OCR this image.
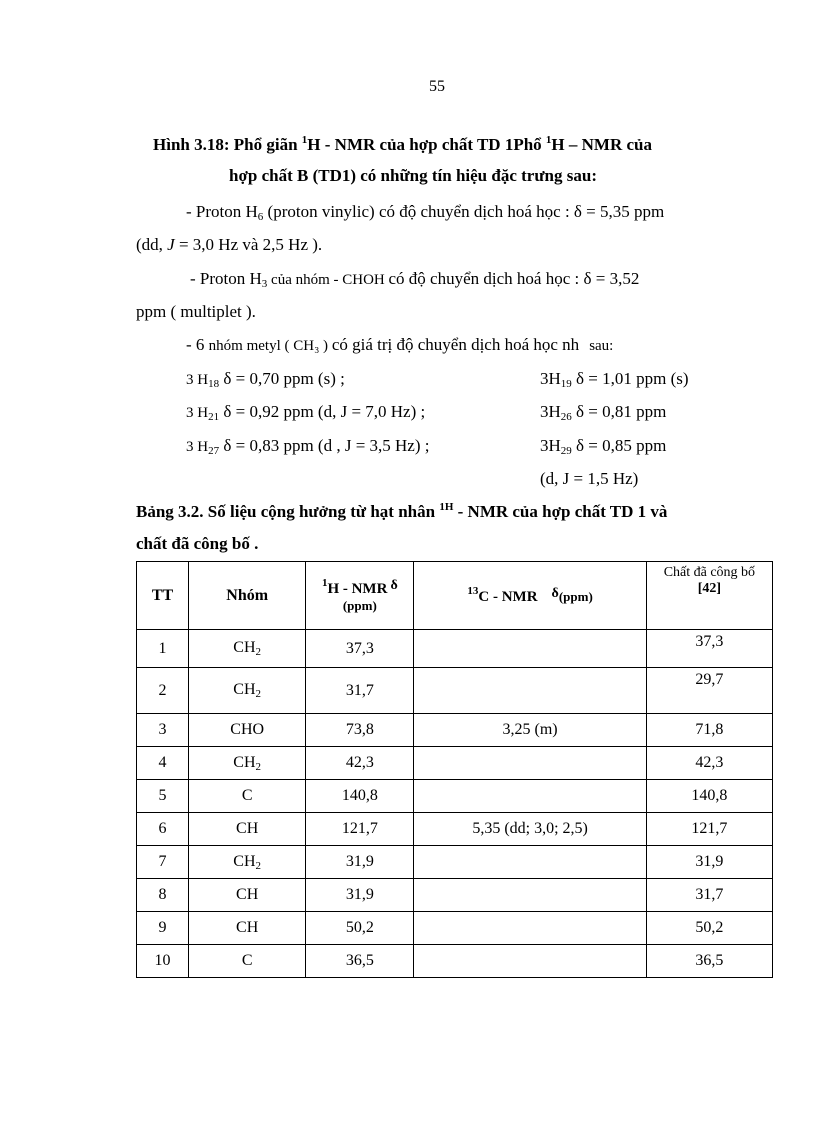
55
Hình 3.18: Phổ giãn $^1$H - NMR của hợp chất TD 1Phổ $^1$H – NMR của
hợp chất B (TD1) có những tín hiệu đặc trưng sau:
- Proton $H_6$ (proton vinylic) có độ chuyển dịch hoá học : δ = 5,35 ppm
(dd, J = 3,0 Hz và 2,5 Hz ).
- Proton $H_3$ của nhóm - CHOH có độ chuyển dịch hoá học : δ = 3,52
ppm ( multiplet ).
- 6 nhóm metyl ( CH₃ ) có giá trị độ chuyển dịch hoá học nh sau:
3 $H_{18}$ δ = 0,70 ppm (s) ;	$3H_{19}$ δ = 1,01 ppm (s)
3 $H_{21}$ δ = 0,92 ppm (d, J = 7,0 Hz) ;	$3H_{26}$ δ = 0,81 ppm
3 $H_{27}$ δ = 0,83 ppm (d , J = 3,5 Hz) ;	$3H_{29}$ δ = 0,85 ppm
(d, J = 1,5 Hz)
Bảng 3.2. Số liệu cộng hưởng từ hạt nhân $^{1H}$ - NMR của hợp chất TD 1 và
chất đã công bố .
TT	Nhóm	$^1$H - NMR δ
(ppm)	$^{13}$C - NMR δ(ppm)	Chất đã công bố
[42]

1	$CH_2$	37,3		37,3
2	$CH_2$	31,7		29,7
3	CHO	73,8	3,25 (m)	71,8
4	$CH_2$	42,3		42,3
5	C	140,8		140,8
6	CH	121,7	5,35 (dd; 3,0; 2,5)	121,7
7	$CH_2$	31,9		31,9
8	CH	31,9		31,7
9	CH	50,2		50,2
10	C	36,5		36,5
